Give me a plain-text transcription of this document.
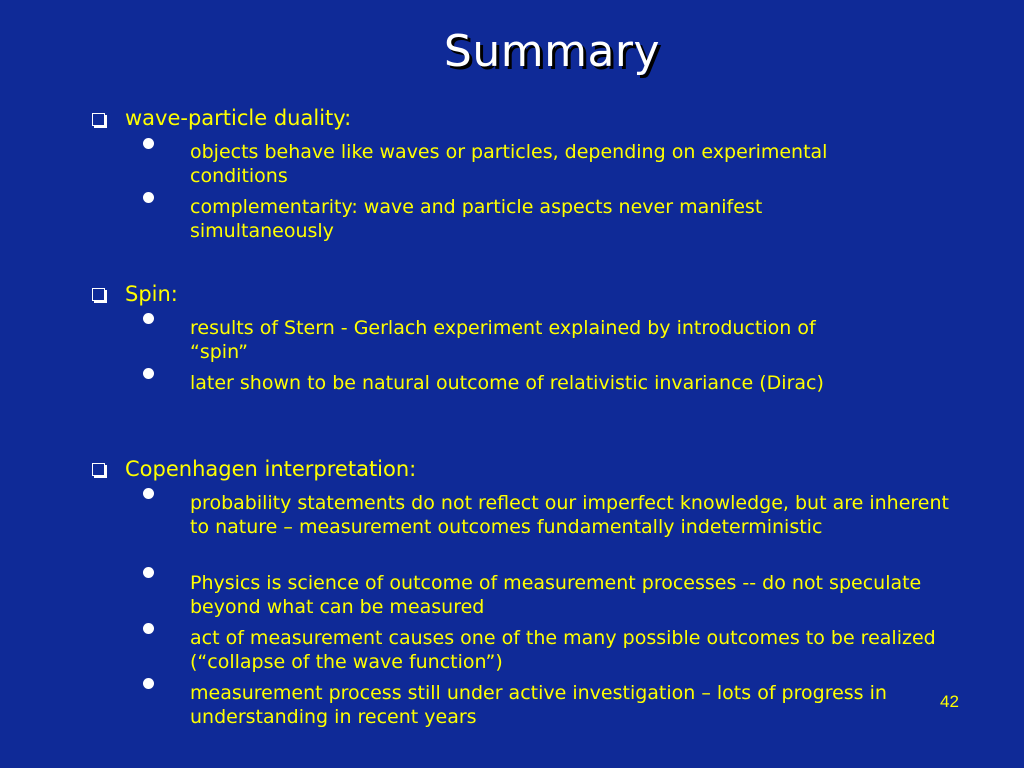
Summary
wave-particle duality:
objects behave like waves or particles, depending on experimental conditions
complementarity: wave and particle aspects never manifest simultaneously
Spin:
results of Stern - Gerlach experiment explained by introduction of “spin”
later shown to be natural outcome of relativistic invariance (Dirac)
Copenhagen interpretation:
probability statements do not reflect our imperfect knowledge, but are inherent to nature – measurement outcomes fundamentally indeterministic
Physics is science of outcome of measurement processes -- do not speculate beyond what can be measured
act of measurement causes one of the many possible outcomes to be realized (“collapse of the wave function”)
measurement process still under active investigation – lots of progress in understanding in recent years
42
